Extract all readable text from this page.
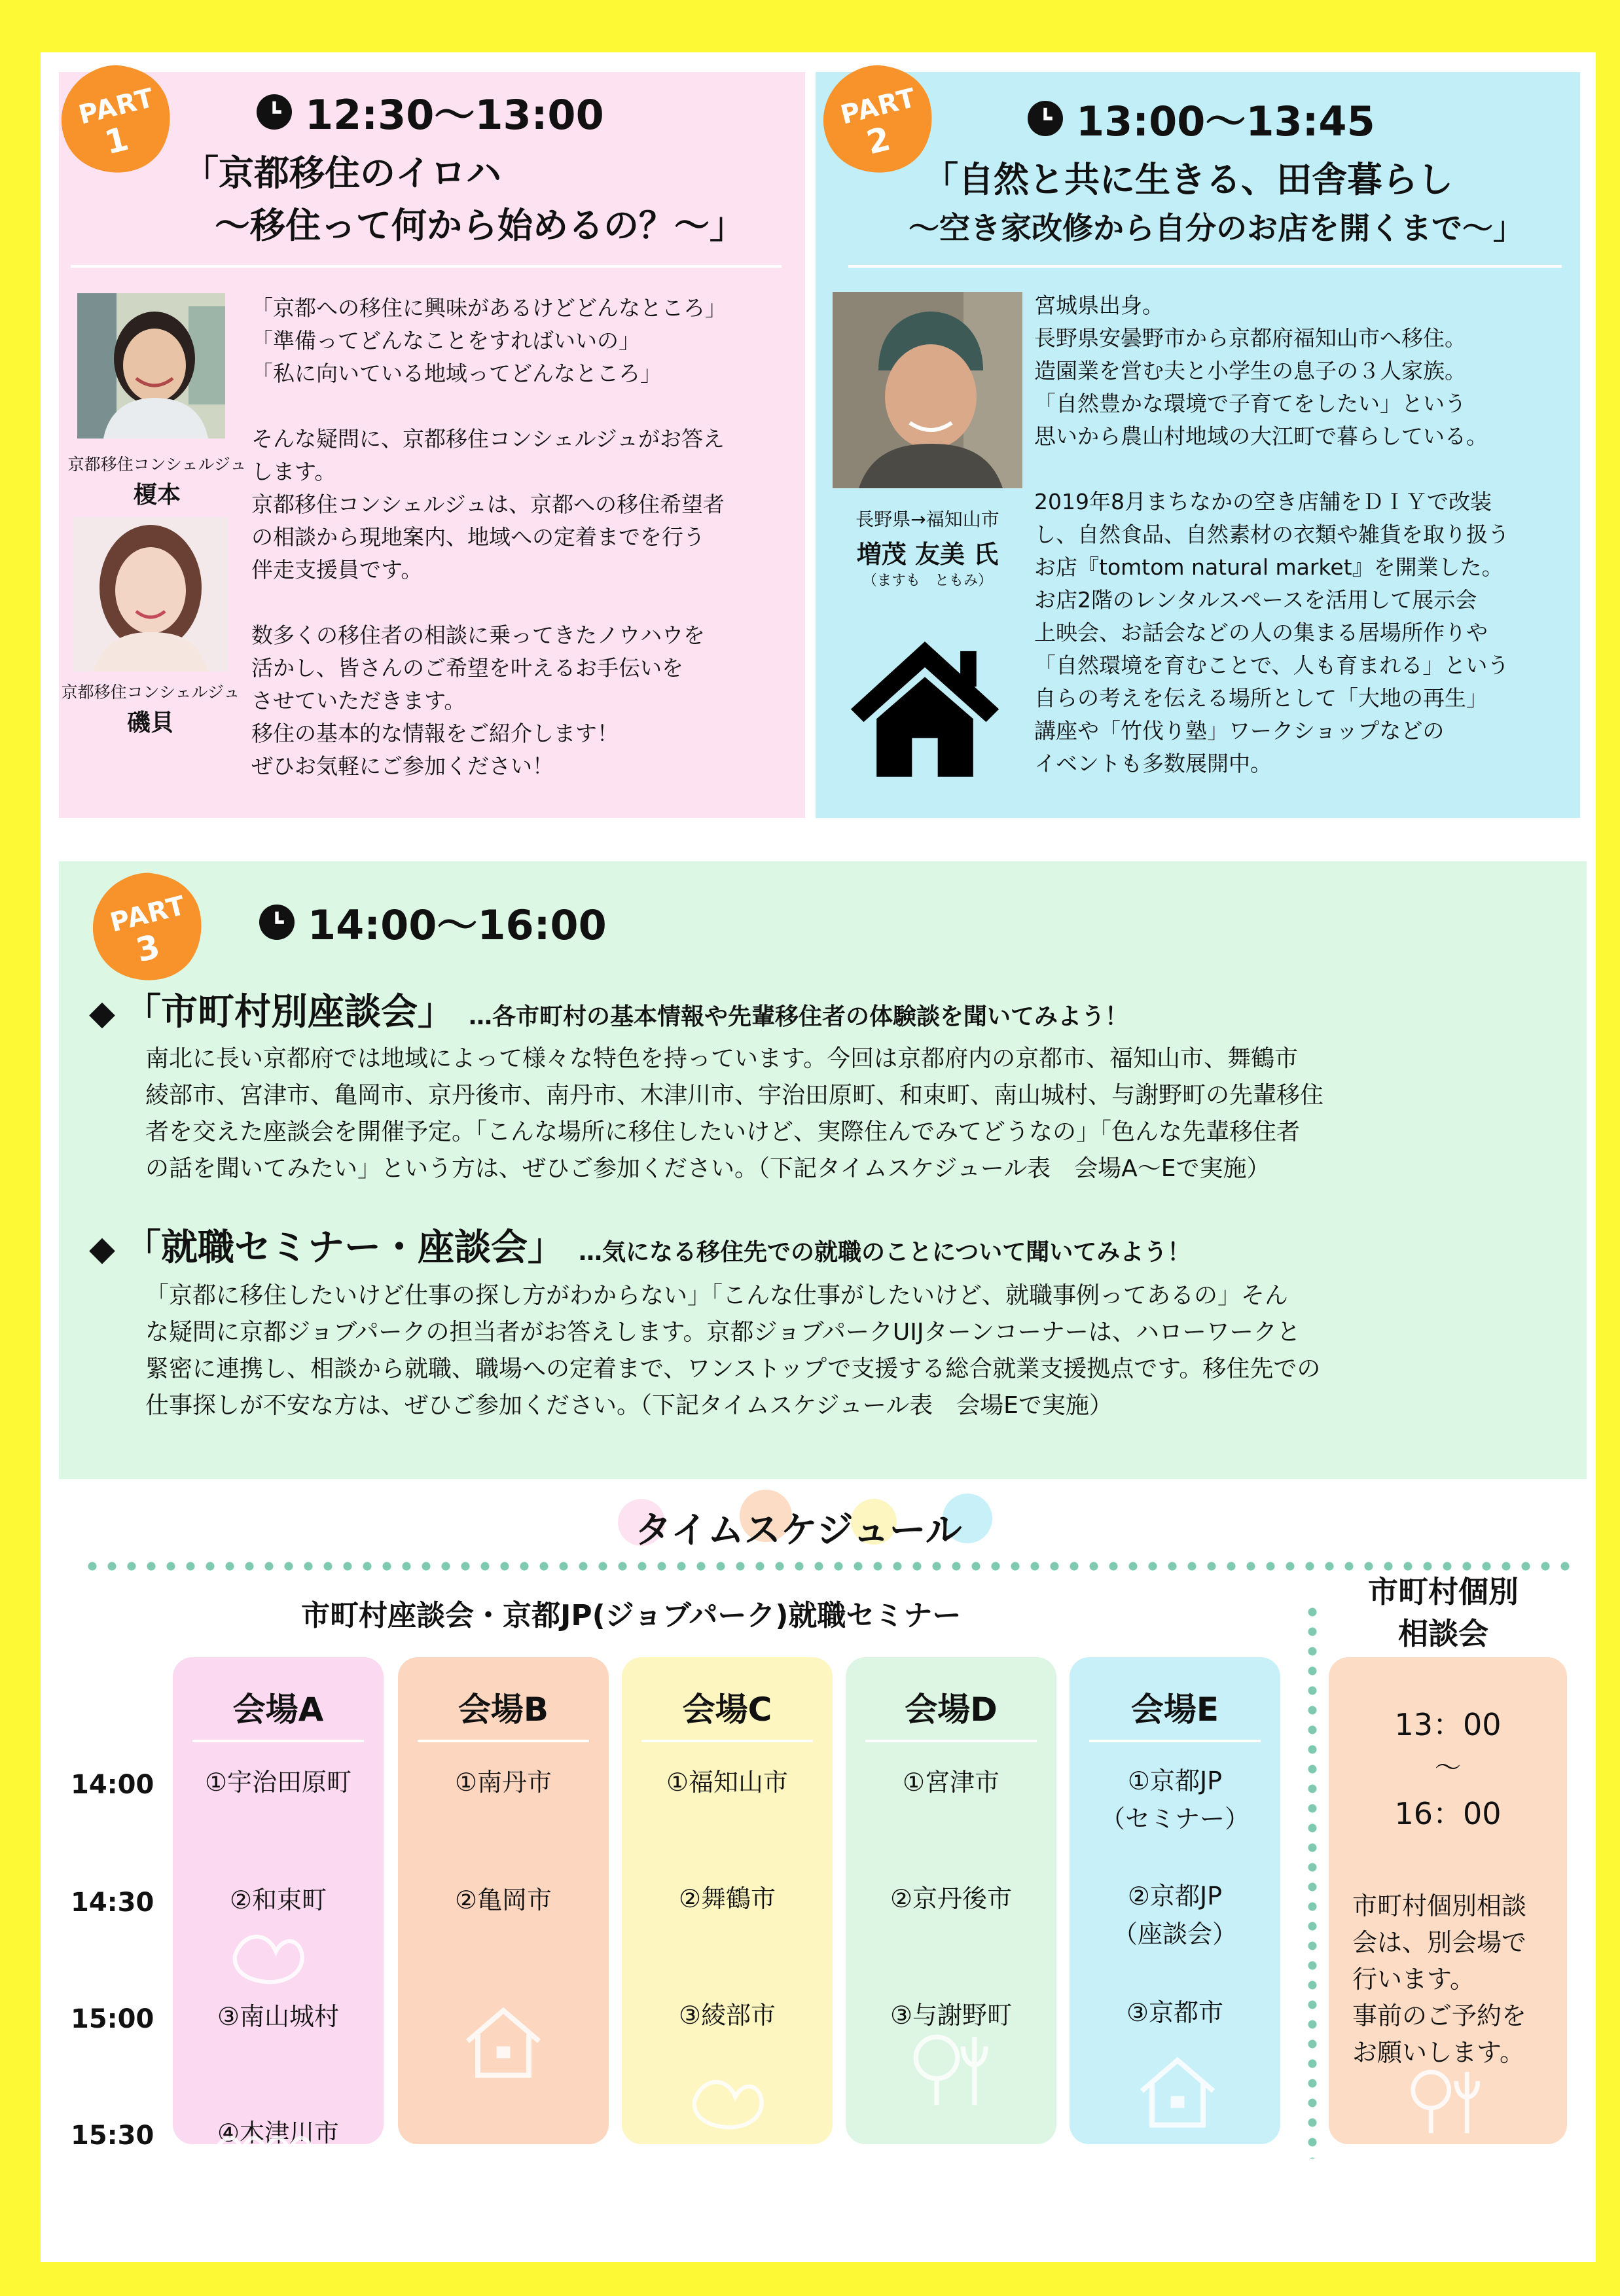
PART
1
12:30〜13:00
「京都移住のイロハ
〜移住って何から始めるの？〜」
京都移住コンシェルジュ
榎本
京都移住コンシェルジュ
磯貝
「京都への移住に興味があるけどどんなところ」
「準備ってどんなことをすればいいの」
「私に向いている地域ってどんなところ」

そんな疑問に、京都移住コンシェルジュがお答え
します。
京都移住コンシェルジュは、京都への移住希望者
の相談から現地案内、地域への定着までを行う
伴走支援員です。

数多くの移住者の相談に乗ってきたノウハウを
活かし、皆さんのご希望を叶えるお手伝いを
させていただきます。
移住の基本的な情報をご紹介します！
ぜひお気軽にご参加ください！
PART
2	13:00〜13:45
「自然と共に生きる、田舎暮らし
〜空き家改修から自分のお店を開くまで〜」
長野県→福知山市
増茂 友美 氏
（ますも　ともみ）
宮城県出身。
長野県安曇野市から京都府福知山市へ移住。
造園業を営む夫と小学生の息子の３人家族。
「自然豊かな環境で子育てをしたい」という
思いから農山村地域の大江町で暮らしている。

2019年8月まちなかの空き店舗をＤＩＹで改装
し、自然食品、自然素材の衣類や雑貨を取り扱う
お店『tomtom natural market』を開業した。
お店2階のレンタルスペースを活用して展示会
上映会、お話会などの人の集まる居場所作りや
「自然環境を育むことで、人も育まれる」という
自らの考えを伝える場所として「大地の再生」
講座や「竹伐り塾」ワークショップなどの
イベントも多数展開中。
PART
3	14:00〜16:00
◆ 「市町村別座談会」 …各市町村の基本情報や先輩移住者の体験談を聞いてみよう！
南北に長い京都府では地域によって様々な特色を持っています。今回は京都府内の京都市、福知山市、舞鶴市
綾部市、宮津市、亀岡市、京丹後市、南丹市、木津川市、宇治田原町、和束町、南山城村、与謝野町の先輩移住
者を交えた座談会を開催予定。「こんな場所に移住したいけど、実際住んでみてどうなの」「色んな先輩移住者
の話を聞いてみたい」という方は、ぜひご参加ください。（下記タイムスケジュール表　会場A〜Eで実施）
◆ 「就職セミナー・座談会」 …気になる移住先での就職のことについて聞いてみよう！
「京都に移住したいけど仕事の探し方がわからない」「こんな仕事がしたいけど、就職事例ってあるの」そん
な疑問に京都ジョブパークの担当者がお答えします。京都ジョブパークUIJターンコーナーは、ハローワークと
緊密に連携し、相談から就職、職場への定着まで、ワンストップで支援する総合就業支援拠点です。移住先での
仕事探しが不安な方は、ぜひご参加ください。（下記タイムスケジュール表　会場Eで実施）
タイムスケジュール
市町村座談会・京都JP(ジョブパーク)就職セミナー
市町村個別
相談会
14:00
14:30
15:00
15:30
会場A
①宇治田原町
②和束町
③南山城村
④木津川市
会場B
①南丹市
②亀岡市
会場C
①福知山市
②舞鶴市
③綾部市
会場D
①宮津市
②京丹後市
③与謝野町
会場E
①京都JP
（セミナー）
②京都JP
（座談会）
③京都市
13：00
〜
16：00
市町村個別相談
会は、別会場で
行います。
事前のご予約を
お願いします。
